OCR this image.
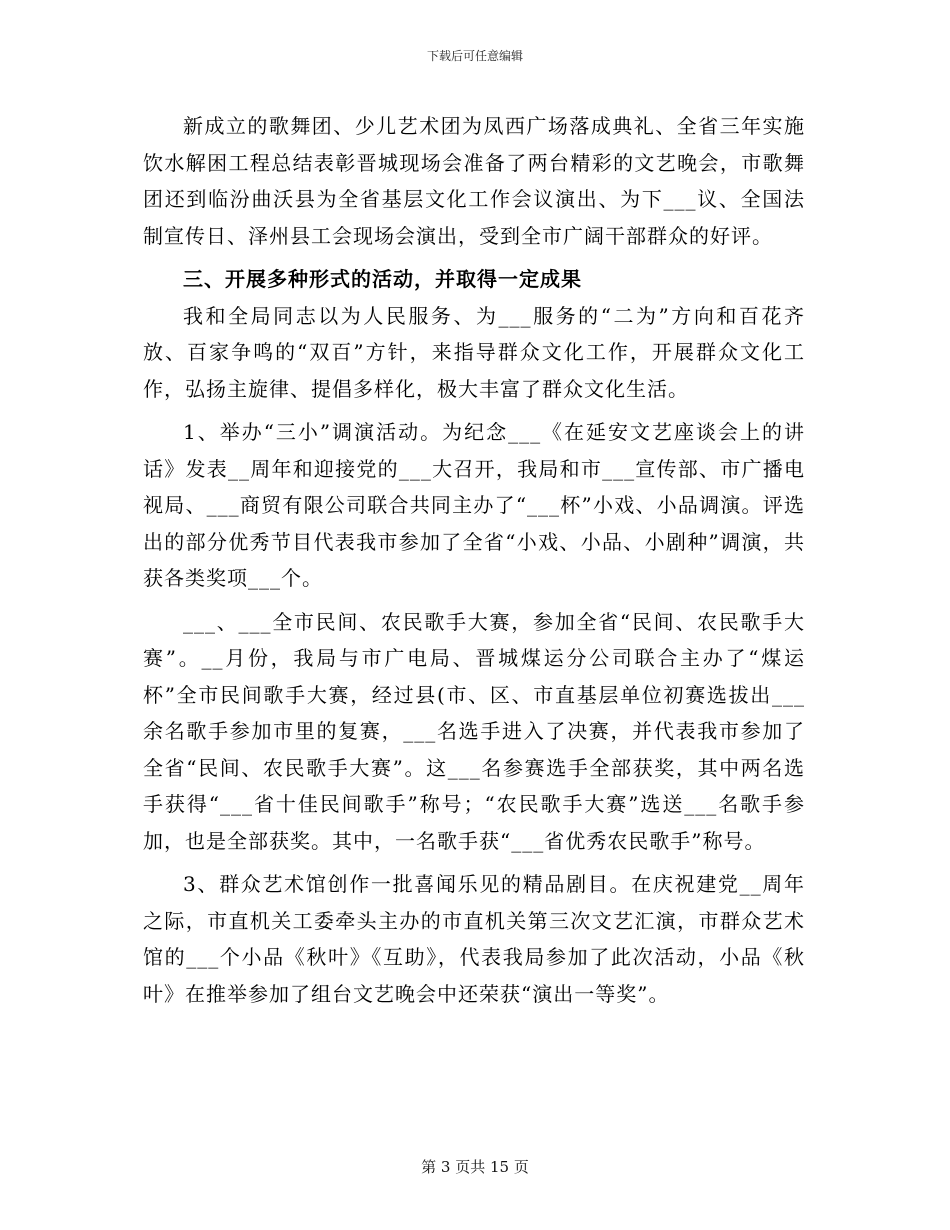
下载后可任意编辑

新成立的歌舞团、少儿艺术团为凤西广场落成典礼、全省三年实施饮水解困工程总结表彰晋城现场会准备了两台精彩的文艺晚会，市歌舞团还到临汾曲沃县为全省基层文化工作会议演出、为下___议、全国法制宣传日、泽州县工会现场会演出，受到全市广阔干部群众的好评。

三、开展多种形式的活动，并取得一定成果

我和全局同志以为人民服务、为___服务的“二为”方向和百花齐放、百家争鸣的“双百”方针，来指导群众文化工作，开展群众文化工作，弘扬主旋律、提倡多样化，极大丰富了群众文化生活。

1、举办“三小”调演活动。为纪念___《在延安文艺座谈会上的讲话》发表__周年和迎接党的___大召开，我局和市___宣传部、市广播电视局、___商贸有限公司联合共同主办了“___杯”小戏、小品调演。评选出的部分优秀节目代表我市参加了全省“小戏、小品、小剧种”调演，共获各类奖项___个。

___、___全市民间、农民歌手大赛，参加全省“民间、农民歌手大赛”。__月份，我局与市广电局、晋城煤运分公司联合主办了“煤运杯”全市民间歌手大赛，经过县(市、区、市直基层单位初赛选拔出___余名歌手参加市里的复赛，___名选手进入了决赛，并代表我市参加了全省“民间、农民歌手大赛”。这___名参赛选手全部获奖，其中两名选手获得“___省十佳民间歌手”称号；“农民歌手大赛”选送___名歌手参加，也是全部获奖。其中，一名歌手获“___省优秀农民歌手”称号。

3、群众艺术馆创作一批喜闻乐见的精品剧目。在庆祝建党__周年之际，市直机关工委牵头主办的市直机关第三次文艺汇演，市群众艺术馆的___个小品《秋叶》《互助》，代表我局参加了此次活动，小品《秋叶》在推举参加了组台文艺晚会中还荣获“演出一等奖”。

第 3 页共 15 页
